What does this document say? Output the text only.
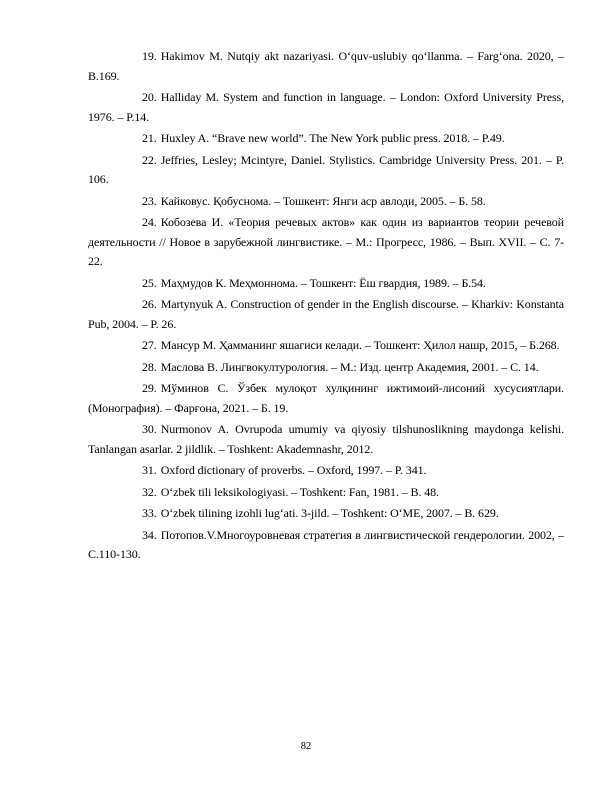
19. Hakimov M. Nutqiy akt nazariyasi. O‘quv-uslubiy qo‘llanma. – Farg‘ona. 2020, –B.169.

20. Halliday M. System and function in language. – London: Oxford University Press, 1976. – P.14.

21. Huxley A. “Brave new world”. The New York public press. 2018. – P.49.

22. Jeffries, Lesley; Mcintyre, Daniel. Stylistics. Cambridge University Press. 201. – P. 106.

23. Кайковус. Қобуснома. – Тошкент: Янги аср авлоди, 2005. – Б. 58.

24. Кобозева И. «Теория речевых актов» как один из вариантов теории речевой деятельности // Новое в зарубежной лингвистике. – М.: Прогресс, 1986. – Вып. XVII. – С. 7-22.

25. Маҳмудов К. Меҳмоннома. – Тошкент: Ёш гвардия, 1989. – Б.54.

26. Martynyuk A. Construction of gender in the English discourse. – Kharkiv: Konstanta Pub, 2004. – P. 26.

27. Мансур М. Ҳамманинг яшагиси келади. – Тошкент: Ҳилол нашр, 2015, – Б.268.

28. Маслова В. Лингвокултурология. – М.: Изд. центр Академия, 2001. – С. 14.

29. Мўминов С. Ўзбек мулоқот хулқининг ижтимоий-лисоний хусусиятлари. (Монография). – Фарғона, 2021. – Б. 19.

30. Nurmonov A. Ovrupoda umumiy va qiyosiy tilshunoslikning maydonga kelishi. Tanlangan asarlar. 2 jildlik. – Toshkent: Akademnashr, 2012.

31. Oxford dictionary of proverbs. – Oxford, 1997. – P. 341.

32. O‘zbek tili leksikologiyasi. – Toshkent: Fan, 1981. – B. 48.

33. O‘zbek tilining izohli lug‘ati. 3-jild. – Toshkent: O‘ME, 2007. – B. 629.

34. Потопов.V.Многоуровневая стратегия в лингвистической гендерологии. 2002, – С.110-130.

82
